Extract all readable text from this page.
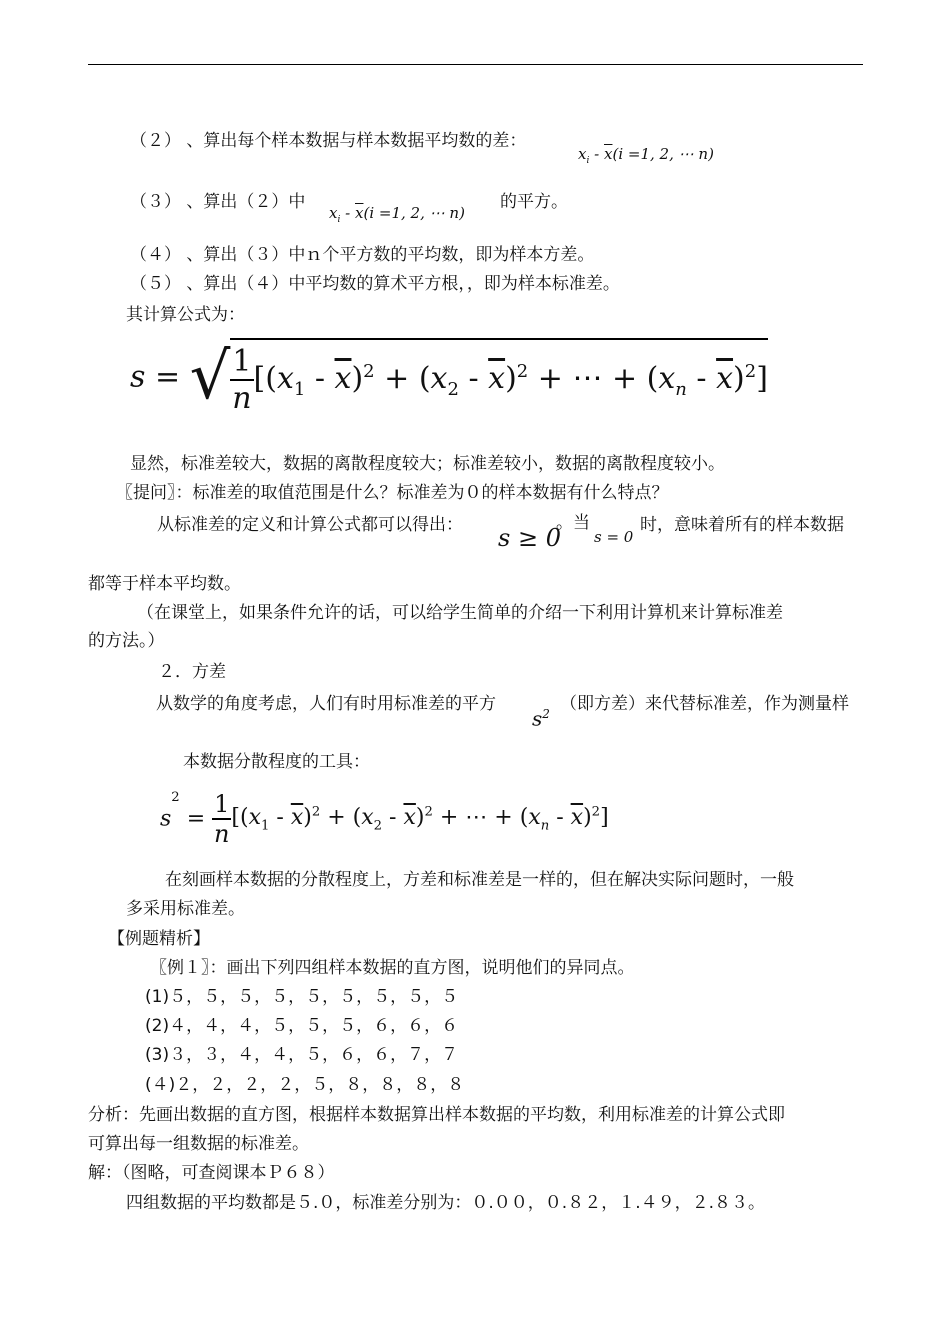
（２） 、算出每个样本数据与样本数据平均数的差：
$x_i - \overline{x}(i =1$, 2, ⋯ n)
（３） 、算出（２）中
$x_i - \overline{x}(i =1$, 2, ⋯ n)
的平方。
（４） 、算出（３）中ｎ个平方数的平均数，即为样本方差。
（５） 、算出（４）中平均数的算术平方根，，即为样本标准差。
其计算公式为：
s = √ $\frac{1}{n} [(x_1 - \overline{x})^2 + (x_2 - \overline{x})^2$ + ⋯ + $(x_n - \overline{x})^2$]
显然，标准差较大，数据的离散程度较大；标准差较小，数据的离散程度较小。
〖提问〗：标准差的取值范围是什么？标准差为０的样本数据有什么特点？
从标准差的定义和计算公式都可以得出： s ≥ 0
。当
s = 0
时，意味着所有的样本数据
都等于样本平均数。
（在课堂上，如果条件允许的话，可以给学生简单的介绍一下利用计算机来计算标准差
的方法。）
２．方差
从数学的角度考虑，人们有时用标准差的平方
$s^2$ （即方差）来代替标准差，作为测量样
本数据分散程度的工具：
$s^2 = \frac{1}{n} [(x_1 - \overline{x})^2 + (x_2 - \overline{x})^2$ + ⋯ + $(x_n - \overline{x})^2$]
在刻画样本数据的分散程度上，方差和标准差是一样的，但在解决实际问题时，一般
多采用标准差。
【例题精析】
〖例１〗：画出下列四组样本数据的直方图，说明他们的异同点。
(1)５，５，５，５，５，５，５，５，５
(2)４，４，４，５，５，５，６，６，６
(3)３，３，４，４，５，６，６，７，７
(４)２，２，２，２，５，８，８，８，８
分析：先画出数据的直方图，根据样本数据算出样本数据的平均数，利用标准差的计算公式即
可算出每一组数据的标准差。
解：（图略，可查阅课本Ｐ６８）
四组数据的平均数都是５.０，标准差分别为：０.００，０.８２，１.４９，２.８３。
